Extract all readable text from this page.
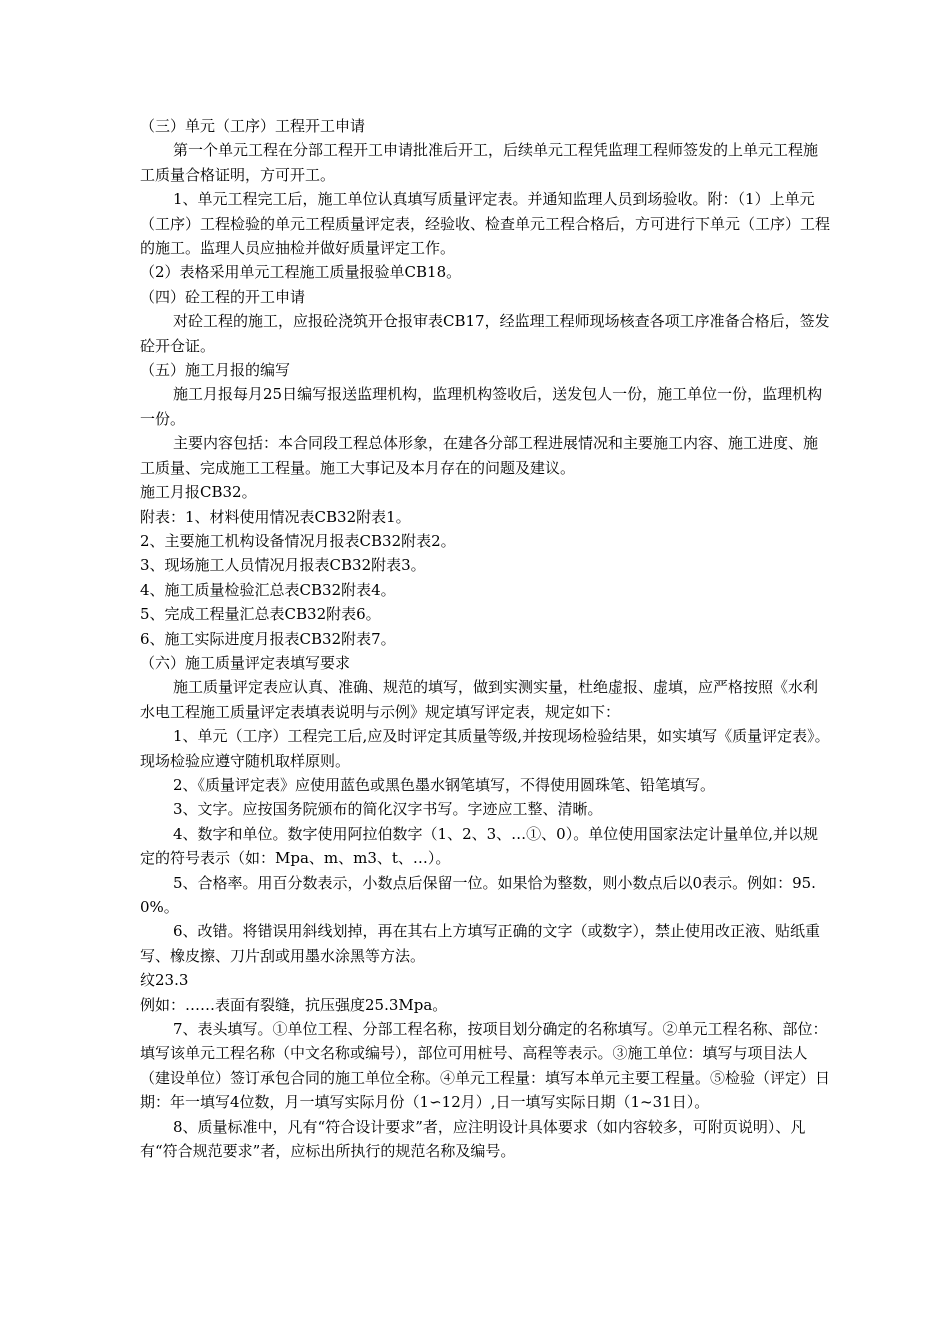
（三）单元（工序）工程开工申请

第一个单元工程在分部工程开工申请批准后开工，后续单元工程凭监理工程师签发的上单元工程施工质量合格证明，方可开工。

1、单元工程完工后，施工单位认真填写质量评定表。并通知监理人员到场验收。附：（1）上单元（工序）工程检验的单元工程质量评定表，经验收、检查单元工程合格后，方可进行下单元（工序）工程的施工。监理人员应抽检并做好质量评定工作。

（2）表格采用单元工程施工质量报验单CB18。

（四）砼工程的开工申请

对砼工程的施工，应报砼浇筑开仓报审表CB17，经监理工程师现场核查各项工序准备合格后，签发砼开仓证。

（五）施工月报的编写

施工月报每月25日编写报送监理机构，监理机构签收后，送发包人一份，施工单位一份，监理机构一份。

主要内容包括：本合同段工程总体形象，在建各分部工程进展情况和主要施工内容、施工进度、施工质量、完成施工工程量。施工大事记及本月存在的问题及建议。

施工月报CB32。

附表：1、材料使用情况表CB32附表1。

2、主要施工机构设备情况月报表CB32附表2。

3、现场施工人员情况月报表CB32附表3。

4、施工质量检验汇总表CB32附表4。

5、完成工程量汇总表CB32附表6。

6、施工实际进度月报表CB32附表7。

（六）施工质量评定表填写要求

施工质量评定表应认真、准确、规范的填写，做到实测实量，杜绝虚报、虚填，应严格按照《水利水电工程施工质量评定表填表说明与示例》规定填写评定表，规定如下：

1、单元（工序）工程完工后,应及时评定其质量等级,并按现场检验结果，如实填写《质量评定表》。现场检验应遵守随机取样原则。

2、《质量评定表》应使用蓝色或黑色墨水钢笔填写，不得使用圆珠笔、铅笔填写。

3、文字。应按国务院颁布的简化汉字书写。字迹应工整、清晰。

4、数字和单位。数字使用阿拉伯数字（1、2、3、…①、0）。单位使用国家法定计量单位,并以规定的符号表示（如：Mpa、m、m3、t、…）。

5、合格率。用百分数表示，小数点后保留一位。如果恰为整数，则小数点后以0表示。例如：95.0%。

6、改错。将错误用斜线划掉，再在其右上方填写正确的文字（或数字），禁止使用改正液、贴纸重写、橡皮擦、刀片刮或用墨水涂黑等方法。

纹23.3

例如：……表面有裂缝，抗压强度25.3Mpa。

7、表头填写。①单位工程、分部工程名称，按项目划分确定的名称填写。②单元工程名称、部位：填写该单元工程名称（中文名称或编号），部位可用桩号、高程等表示。③施工单位：填写与项目法人（建设单位）签订承包合同的施工单位全称。④单元工程量：填写本单元主要工程量。⑤检验（评定）日期：年一填写4位数，月一填写实际月份（1∽12月）,日一填写实际日期（1~31日）。

8、质量标准中，凡有“符合设计要求”者，应注明设计具体要求（如内容较多，可附页说明）、凡有“符合规范要求”者，应标出所执行的规范名称及编号。
